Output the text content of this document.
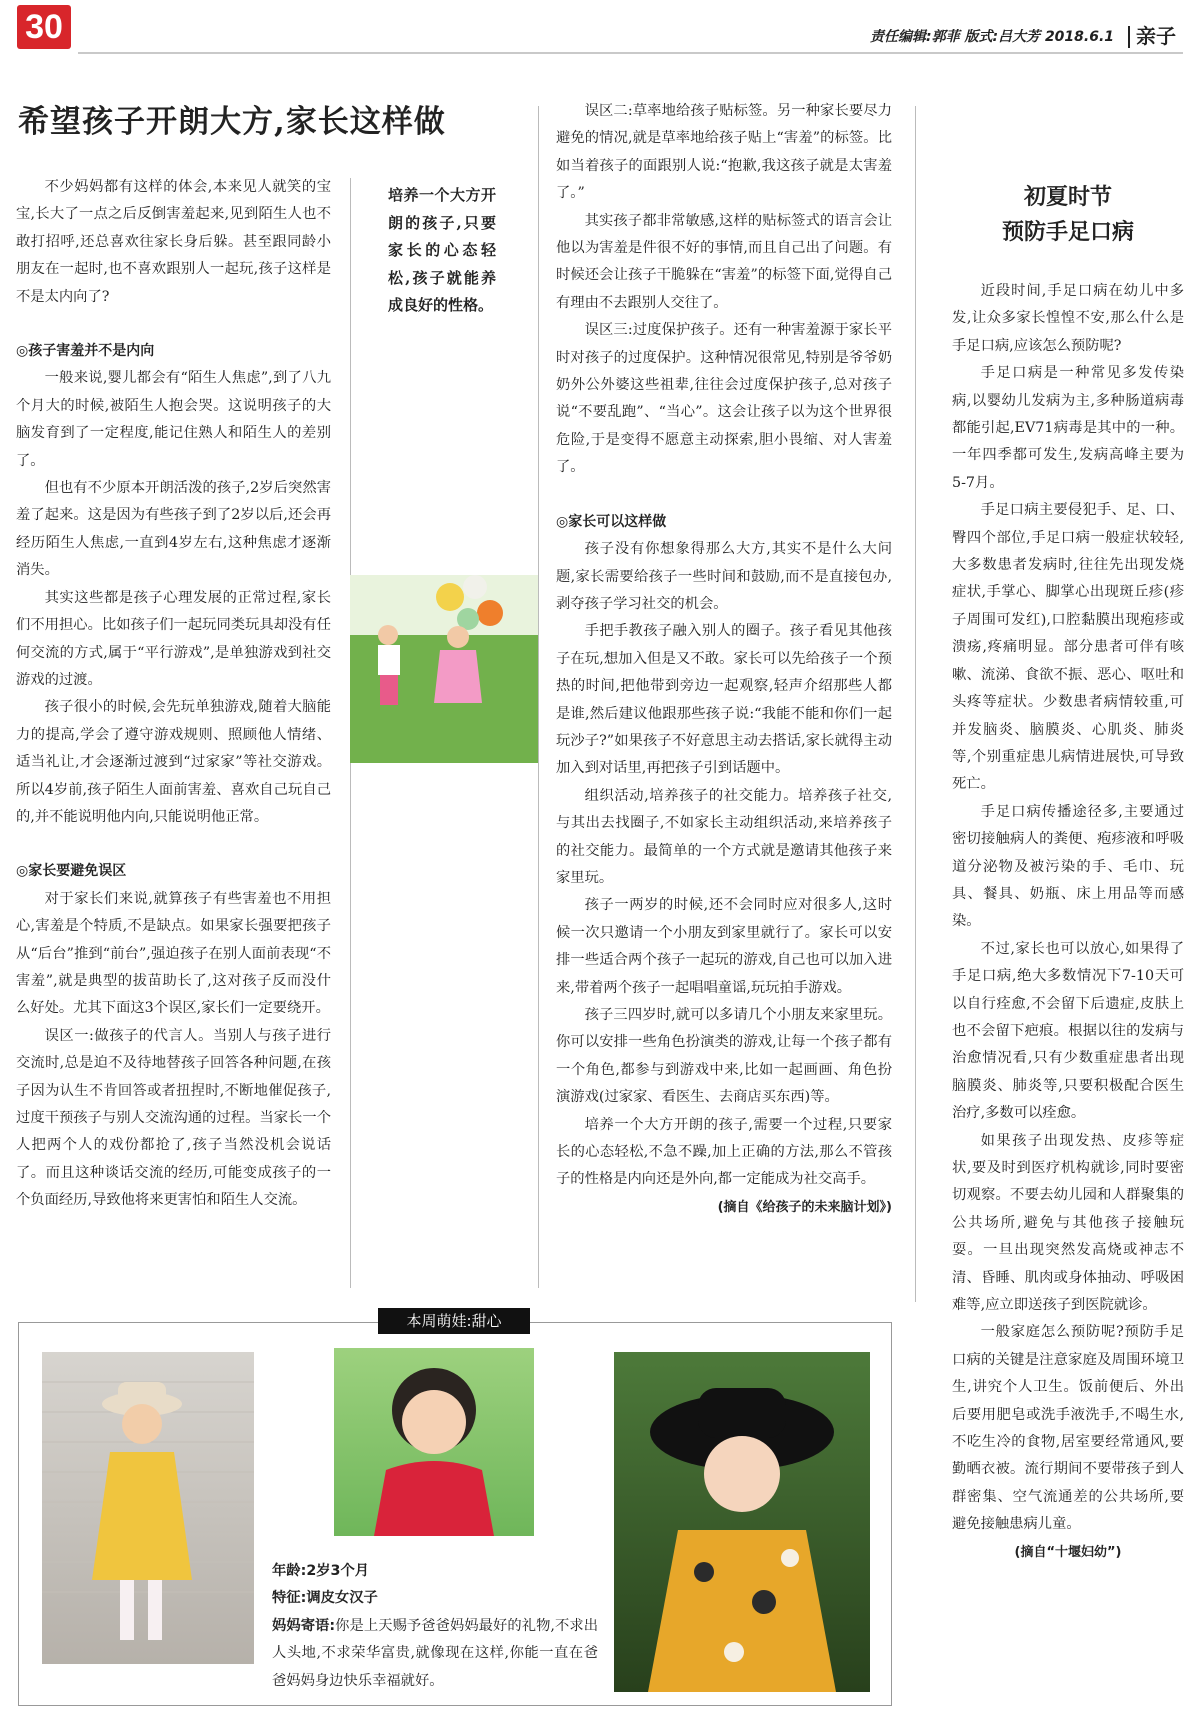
30	责任编辑:郭菲 版式:吕大芳 2018.6.1 亲子
希望孩子开朗大方,家长这样做

不少妈妈都有这样的体会,本来见人就笑的宝宝,长大了一点之后反倒害羞起来,见到陌生人也不敢打招呼,还总喜欢往家长身后躲。甚至跟同龄小朋友在一起时,也不喜欢跟别人一起玩,孩子这样是不是太内向了?

◎孩子害羞并不是内向

一般来说,婴儿都会有“陌生人焦虑”,到了八九个月大的时候,被陌生人抱会哭。这说明孩子的大脑发育到了一定程度,能记住熟人和陌生人的差别了。

但也有不少原本开朗活泼的孩子,2岁后突然害羞了起来。这是因为有些孩子到了2岁以后,还会再经历陌生人焦虑,一直到4岁左右,这种焦虑才逐渐消失。

其实这些都是孩子心理发展的正常过程,家长们不用担心。比如孩子们一起玩同类玩具却没有任何交流的方式,属于“平行游戏”,是单独游戏到社交游戏的过渡。

孩子很小的时候,会先玩单独游戏,随着大脑能力的提高,学会了遵守游戏规则、照顾他人情绪、适当礼让,才会逐渐过渡到“过家家”等社交游戏。所以4岁前,孩子陌生人面前害羞、喜欢自己玩自己的,并不能说明他内向,只能说明他正常。

◎家长要避免误区

对于家长们来说,就算孩子有些害羞也不用担心,害羞是个特质,不是缺点。如果家长强要把孩子从“后台”推到“前台”,强迫孩子在别人面前表现“不害羞”,就是典型的拔苗助长了,这对孩子反而没什么好处。尤其下面这3个误区,家长们一定要绕开。

误区一:做孩子的代言人。当别人与孩子进行交流时,总是迫不及待地替孩子回答各种问题,在孩子因为认生不肯回答或者扭捏时,不断地催促孩子,过度干预孩子与别人交流沟通的过程。当家长一个人把两个人的戏份都抢了,孩子当然没机会说话了。而且这种谈话交流的经历,可能变成孩子的一个负面经历,导致他将来更害怕和陌生人交流。

培养一个大方开朗的孩子,只要家长的心态轻松,孩子就能养成良好的性格。

误区二:草率地给孩子贴标签。另一种家长要尽力避免的情况,就是草率地给孩子贴上“害羞”的标签。比如当着孩子的面跟别人说:“抱歉,我这孩子就是太害羞了。”

其实孩子都非常敏感,这样的贴标签式的语言会让他以为害羞是件很不好的事情,而且自己出了问题。有时候还会让孩子干脆躲在“害羞”的标签下面,觉得自己有理由不去跟别人交往了。

误区三:过度保护孩子。还有一种害羞源于家长平时对孩子的过度保护。这种情况很常见,特别是爷爷奶奶外公外婆这些祖辈,往往会过度保护孩子,总对孩子说“不要乱跑”、“当心”。这会让孩子以为这个世界很危险,于是变得不愿意主动探索,胆小畏缩、对人害羞了。

◎家长可以这样做

孩子没有你想象得那么大方,其实不是什么大问题,家长需要给孩子一些时间和鼓励,而不是直接包办,剥夺孩子学习社交的机会。

手把手教孩子融入别人的圈子。孩子看见其他孩子在玩,想加入但是又不敢。家长可以先给孩子一个预热的时间,把他带到旁边一起观察,轻声介绍那些人都是谁,然后建议他跟那些孩子说:“我能不能和你们一起玩沙子?”如果孩子不好意思主动去搭话,家长就得主动加入到对话里,再把孩子引到话题中。

组织活动,培养孩子的社交能力。培养孩子社交,与其出去找圈子,不如家长主动组织活动,来培养孩子的社交能力。最简单的一个方式就是邀请其他孩子来家里玩。

孩子一两岁的时候,还不会同时应对很多人,这时候一次只邀请一个小朋友到家里就行了。家长可以安排一些适合两个孩子一起玩的游戏,自己也可以加入进来,带着两个孩子一起唱唱童谣,玩玩拍手游戏。

孩子三四岁时,就可以多请几个小朋友来家里玩。你可以安排一些角色扮演类的游戏,让每一个孩子都有一个角色,都参与到游戏中来,比如一起画画、角色扮演游戏(过家家、看医生、去商店买东西)等。

培养一个大方开朗的孩子,需要一个过程,只要家长的心态轻松,不急不躁,加上正确的方法,那么不管孩子的性格是内向还是外向,都一定能成为社交高手。

(摘自《给孩子的未来脑计划》)
初夏时节
预防手足口病

近段时间,手足口病在幼儿中多发,让众多家长惶惶不安,那么什么是手足口病,应该怎么预防呢?

手足口病是一种常见多发传染病,以婴幼儿发病为主,多种肠道病毒都能引起,EV71病毒是其中的一种。一年四季都可发生,发病高峰主要为5-7月。

手足口病主要侵犯手、足、口、臀四个部位,手足口病一般症状较轻,大多数患者发病时,往往先出现发烧症状,手掌心、脚掌心出现斑丘疹(疹子周围可发红),口腔黏膜出现疱疹或溃疡,疼痛明显。部分患者可伴有咳嗽、流涕、食欲不振、恶心、呕吐和头疼等症状。少数患者病情较重,可并发脑炎、脑膜炎、心肌炎、肺炎等,个别重症患儿病情进展快,可导致死亡。

手足口病传播途径多,主要通过密切接触病人的粪便、疱疹液和呼吸道分泌物及被污染的手、毛巾、玩具、餐具、奶瓶、床上用品等而感染。

不过,家长也可以放心,如果得了手足口病,绝大多数情况下7-10天可以自行痊愈,不会留下后遗症,皮肤上也不会留下疤痕。根据以往的发病与治愈情况看,只有少数重症患者出现脑膜炎、肺炎等,只要积极配合医生治疗,多数可以痊愈。

如果孩子出现发热、皮疹等症状,要及时到医疗机构就诊,同时要密切观察。不要去幼儿园和人群聚集的公共场所,避免与其他孩子接触玩耍。一旦出现突然发高烧或神志不清、昏睡、肌肉或身体抽动、呼吸困难等,应立即送孩子到医院就诊。

一般家庭怎么预防呢?预防手足口病的关键是注意家庭及周围环境卫生,讲究个人卫生。饭前便后、外出后要用肥皂或洗手液洗手,不喝生水,不吃生冷的食物,居室要经常通风,要勤晒衣被。流行期间不要带孩子到人群密集、空气流通差的公共场所,要避免接触患病儿童。

(摘自“十堰妇幼”)
本周萌娃:甜心
年龄:2岁3个月
特征:调皮女汉子
妈妈寄语:你是上天赐予爸爸妈妈最好的礼物,不求出人头地,不求荣华富贵,就像现在这样,你能一直在爸爸妈妈身边快乐幸福就好。
